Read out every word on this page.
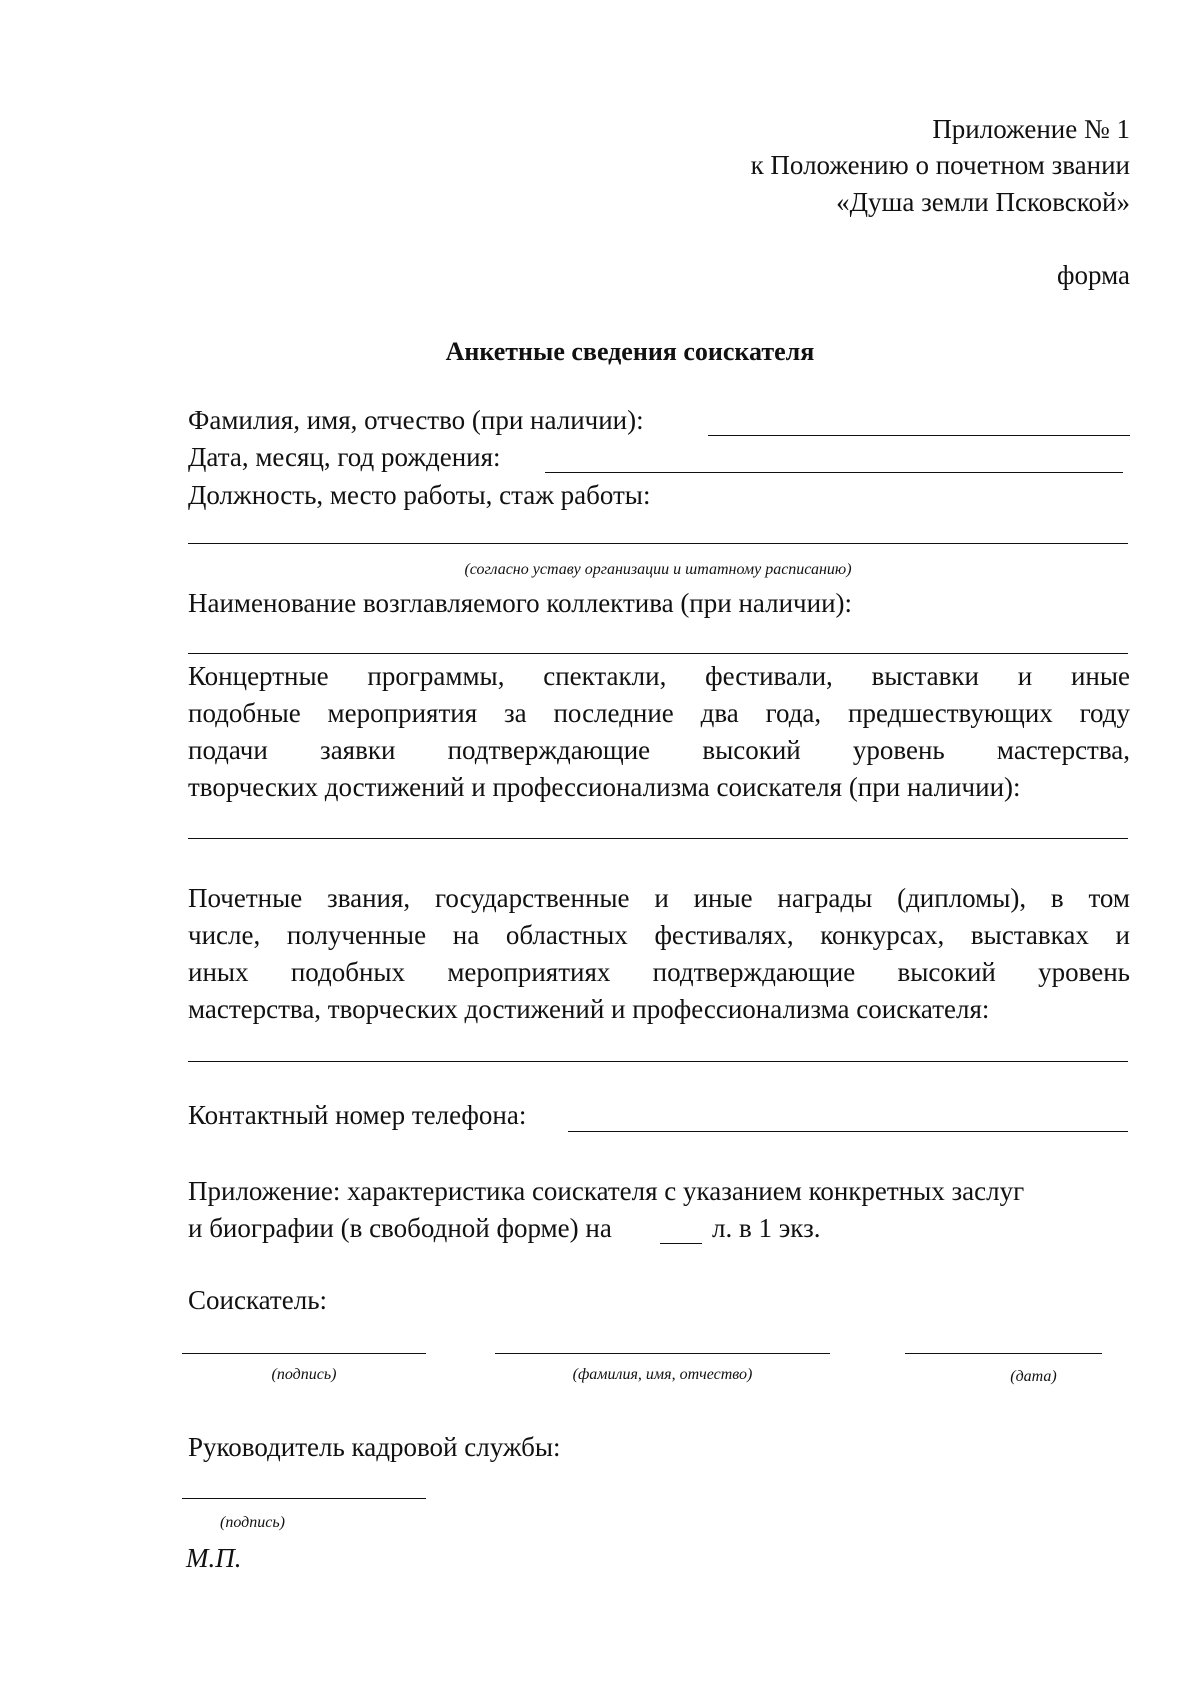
Приложение № 1
к Положению о почетном звании
«Душа земли Псковской»
форма
Анкетные сведения соискателя
Фамилия, имя, отчество (при наличии):
Дата, месяц, год рождения:
Должность, место работы, стаж работы:
(согласно уставу организации и штатному расписанию)
Наименование возглавляемого коллектива (при наличии):
Концертные программы, спектакли, фестивали, выставки и иные
подобные мероприятия за последние два года, предшествующих году
подачи заявки подтверждающие высокий уровень мастерства,
творческих достижений и профессионализма соискателя (при наличии):
Почетные звания, государственные и иные награды (дипломы), в том
числе, полученные на областных фестивалях, конкурсах, выставках и
иных подобных мероприятиях подтверждающие высокий уровень
мастерства, творческих достижений и профессионализма соискателя:
Контактный номер телефона:
Приложение: характеристика соискателя с указанием конкретных заслуг
и биографии (в свободной форме) на	л. в 1 экз.
Соискатель:
(подпись)	(фамилия, имя, отчество)	(дата)
Руководитель кадровой службы:
(подпись)
М.П.
